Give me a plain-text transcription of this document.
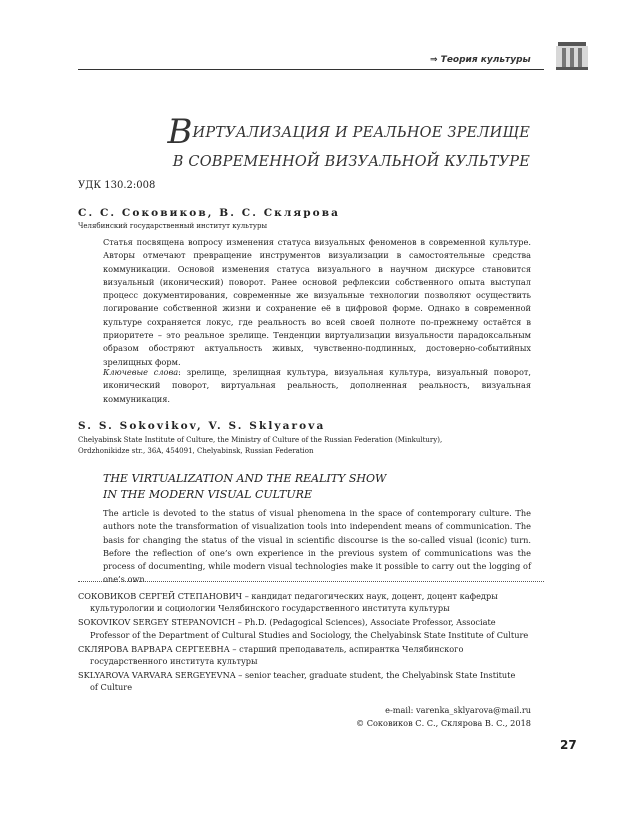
⇒ Теория культуры
ВИРТУАЛИЗАЦИЯ И РЕАЛЬНОЕ ЗРЕЛИЩЕ
В СОВРЕМЕННОЙ ВИЗУАЛЬНОЙ КУЛЬТУРЕ
УДК 130.2:008
С. С. Соковиков, В. С. Склярова
Челябинский государственный институт культуры
Статья посвящена вопросу изменения статуса визуальных феноменов в современной культуре. Авторы отмечают превращение инструментов визуализации в самостоятельные средства коммуникации. Основой изменения статуса визуального в научном дискурсе становится визуальный (иконический) поворот. Ранее основой рефлексии собственного опыта выступал процесс документирования, современные же визуальные технологии позволяют осуществить логирование собственной жизни и сохранение её в цифровой форме. Однако в современной культуре сохраняется локус, где реальность во всей своей полноте по-прежнему остаётся в приоритете – это реальное зрелище. Тенденции виртуализации визуальности парадоксальным образом обостряют актуальность живых, чувственно-подлинных, достоверно-событийных зрелищных форм.
Ключевые слова: зрелище, зрелищная культура, визуальная культура, визуальный поворот, иконический поворот, виртуальная реальность, дополненная реальность, визуальная коммуникация.
S. S. Sokovikov, V. S. Sklyarova
Chelyabinsk State Institute of Culture, the Ministry of Culture of the Russian Federation (Minkultury),
Ordzhonikidze str., 36A, 454091, Chelyabinsk, Russian Federation
THE VIRTUALIZATION AND THE REALITY SHOW
IN THE MODERN VISUAL CULTURE
The article is devoted to the status of visual phenomena in the space of contemporary culture. The authors note the transformation of visualization tools into independent means of communication. The basis for changing the status of the visual in scientific discourse is the so-called visual (iconic) turn. Before the reflection of one’s own experience in the previous system of communications was the process of documenting, while modern visual technologies make it possible to carry out the logging of one’s own
СОКОВИКОВ СЕРГЕЙ СТЕПАНОВИЧ – кандидат педагогических наук, доцент, доцент кафедры
культурологии и социологии Челябинского государственного института культуры
SOKOVIKOV SERGEY STEPANOVICH – Ph.D. (Pedagogical Sciences), Associate Professor, Associate
Professor of the Department of Cultural Studies and Sociology, the Chelyabinsk State Institute of Culture
СКЛЯРОВА ВАРВАРА СЕРГЕЕВНА – старший преподаватель, аспирантка Челябинского
государственного института культуры
SKLYAROVA VARVARA SERGEYEVNA – senior teacher, graduate student, the Chelyabinsk State Institute
of Culture
e-mail: varenka_sklyarova@mail.ru
© Соковиков С. С., Склярова В. С., 2018
27
